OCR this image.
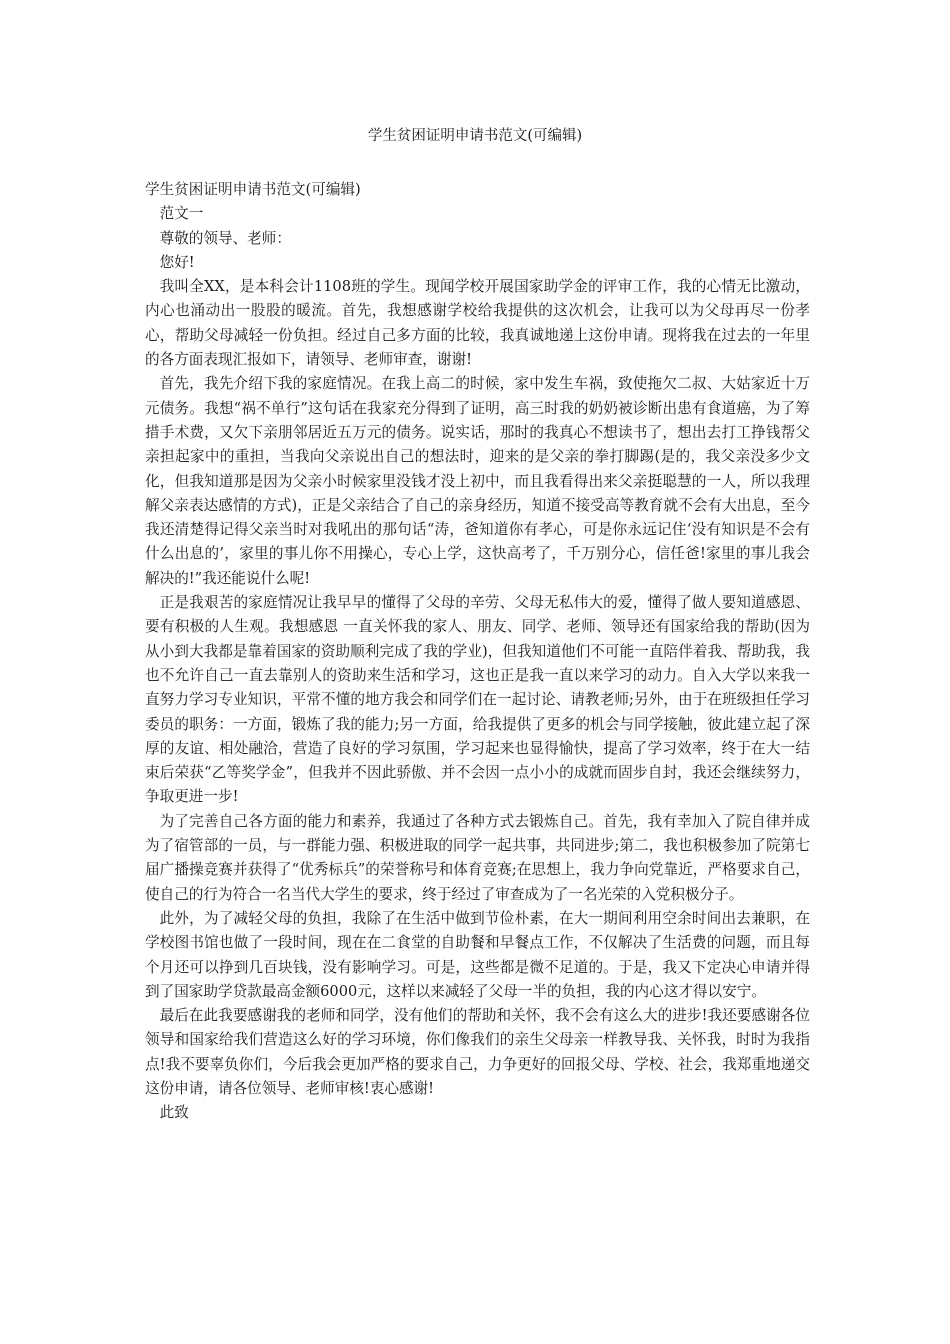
学生贫困证明申请书范文(可编辑)

学生贫困证明申请书范文(可编辑)

范文一

尊敬的领导、老师：

您好!

我叫全XX，是本科会计1108班的学生。现闻学校开展国家助学金的评审工作，我的心情无比激动，内心也涌动出一股股的暖流。首先，我想感谢学校给我提供的这次机会，让我可以为父母再尽一份孝心，帮助父母减轻一份负担。经过自己多方面的比较，我真诚地递上这份申请。现将我在过去的一年里的各方面表现汇报如下，请领导、老师审查，谢谢!

首先，我先介绍下我的家庭情况。在我上高二的时候，家中发生车祸，致使拖欠二叔、大姑家近十万元债务。我想“祸不单行”这句话在我家充分得到了证明，高三时我的奶奶被诊断出患有食道癌，为了筹措手术费，又欠下亲朋邻居近五万元的债务。说实话，那时的我真心不想读书了，想出去打工挣钱帮父亲担起家中的重担，当我向父亲说出自己的想法时，迎来的是父亲的拳打脚踢(是的，我父亲没多少文化，但我知道那是因为父亲小时候家里没钱才没上初中，而且我看得出来父亲挺聪慧的一人，所以我理解父亲表达感情的方式)，正是父亲结合了自己的亲身经历，知道不接受高等教育就不会有大出息，至今我还清楚得记得父亲当时对我吼出的那句话“涛，爸知道你有孝心，可是你永远记住‘没有知识是不会有什么出息的’，家里的事儿你不用操心，专心上学，这快高考了，千万别分心，信任爸!家里的事儿我会解决的!”我还能说什么呢!

正是我艰苦的家庭情况让我早早的懂得了父母的辛劳、父母无私伟大的爱，懂得了做人要知道感恩、要有积极的人生观。我想感恩 一直关怀我的家人、朋友、同学、老师、领导还有国家给我的帮助(因为从小到大我都是靠着国家的资助顺利完成了我的学业)，但我知道他们不可能一直陪伴着我、帮助我，我也不允许自己一直去靠别人的资助来生活和学习，这也正是我一直以来学习的动力。自入大学以来我一直努力学习专业知识，平常不懂的地方我会和同学们在一起讨论、请教老师;另外，由于在班级担任学习委员的职务：一方面，锻炼了我的能力;另一方面，给我提供了更多的机会与同学接触，彼此建立起了深厚的友谊、相处融洽，营造了良好的学习氛围，学习起来也显得愉快，提高了学习效率，终于在大一结束后荣获“乙等奖学金”，但我并不因此骄傲、并不会因一点小小的成就而固步自封，我还会继续努力，争取更进一步!

为了完善自己各方面的能力和素养，我通过了各种方式去锻炼自己。首先，我有幸加入了院自律并成为了宿管部的一员，与一群能力强、积极进取的同学一起共事，共同进步;第二，我也积极参加了院第七届广播操竞赛并获得了“优秀标兵”的荣誉称号和体育竞赛;在思想上，我力争向党靠近，严格要求自己，使自己的行为符合一名当代大学生的要求，终于经过了审查成为了一名光荣的入党积极分子。

此外，为了减轻父母的负担，我除了在生活中做到节俭朴素，在大一期间利用空余时间出去兼职，在学校图书馆也做了一段时间，现在在二食堂的自助餐和早餐点工作，不仅解决了生活费的问题，而且每个月还可以挣到几百块钱，没有影响学习。可是，这些都是微不足道的。于是，我又下定决心申请并得到了国家助学贷款最高金额6000元，这样以来减轻了父母一半的负担，我的内心这才得以安宁。

最后在此我要感谢我的老师和同学，没有他们的帮助和关怀，我不会有这么大的进步!我还要感谢各位领导和国家给我们营造这么好的学习环境，你们像我们的亲生父母亲一样教导我、关怀我，时时为我指点!我不要辜负你们，今后我会更加严格的要求自己，力争更好的回报父母、学校、社会，我郑重地递交这份申请，请各位领导、老师审核!衷心感谢!

此致
